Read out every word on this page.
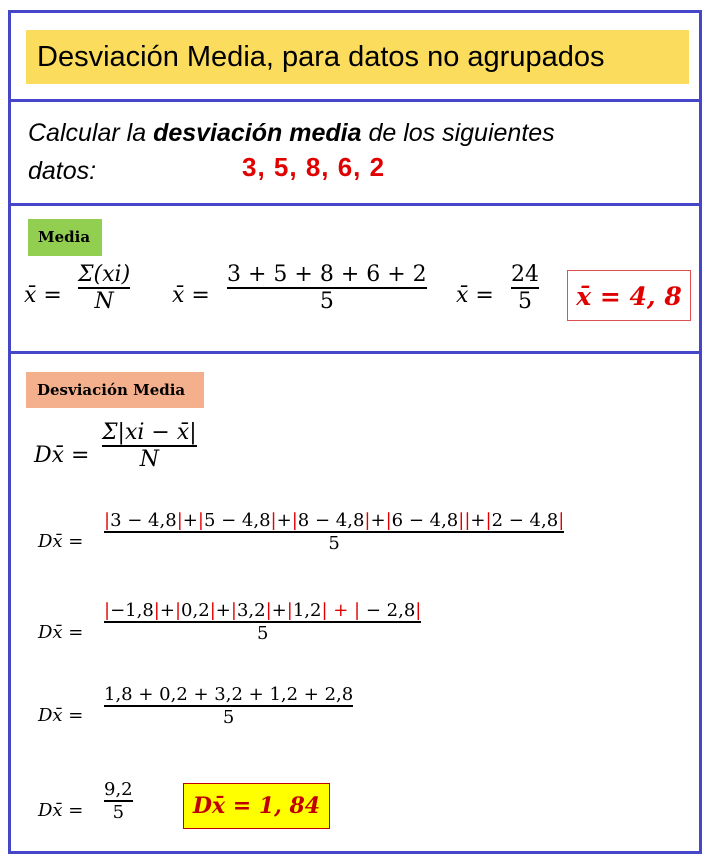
Desviación Media, para datos no agrupados
Calcular la desviación media de los siguientes
datos:	3, 5, 8, 6, 2
Media
x̄ =
Σ(xi)
N	x̄ =
3 + 5 + 8 + 6 + 2
5	x̄ =
24
5	x̄ = 4, 8
Desviación Media
Dx̄ =
Σ|xi − x̄|
N
Dx̄ =
|3 − 4,8|+|5 − 4,8|+|8 − 4,8|+|6 − 4,8||+|2 − 4,8|
5
Dx̄ =
|−1,8|+|0,2|+|3,2|+|1,2| + | − 2,8|
5
Dx̄ =
1,8 + 0,2 + 3,2 + 1,2 + 2,8
5
Dx̄ =
9,2
5	Dx̄ = 1, 84
